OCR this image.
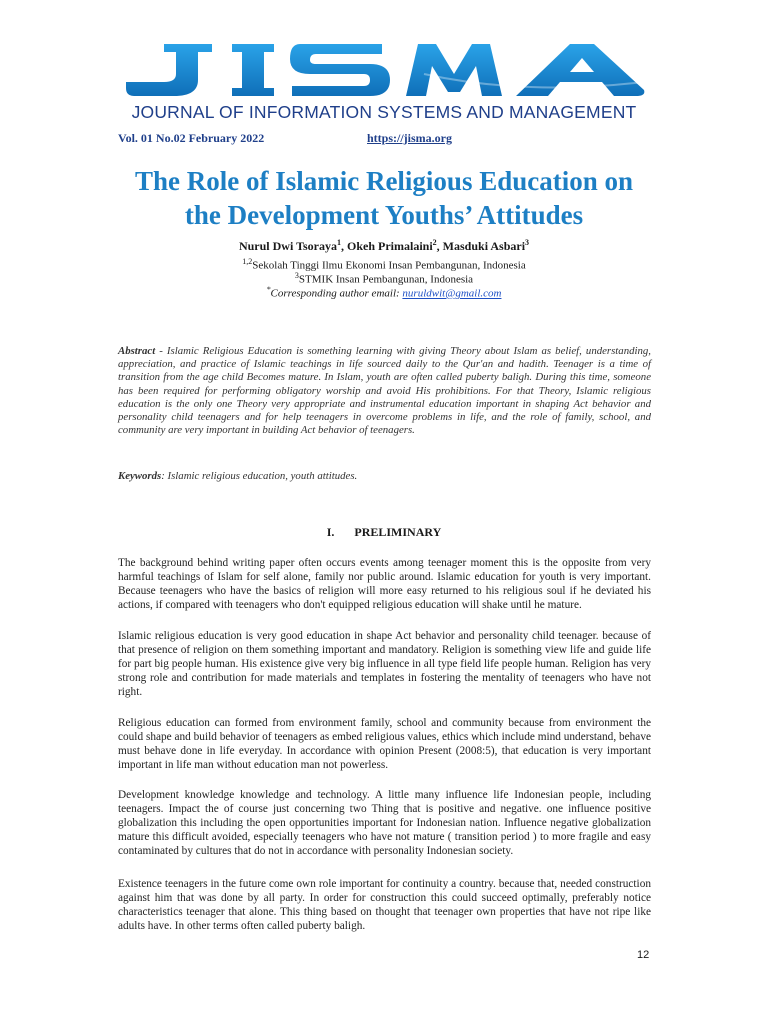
JOURNAL OF INFORMATION SYSTEMS AND MANAGEMENT
Vol. 01 No.02 February 2022	https://jisma.org
The Role of Islamic Religious Education on
the Development Youths’ Attitudes
Nurul Dwi Tsoraya$^1$, Okeh Primalaini$^2$, Masduki Asbari$^3$
$^{1,2}$Sekolah Tinggi Ilmu Ekonomi Insan Pembangunan, Indonesia
$^3$STMIK Insan Pembangunan, Indonesia
*Corresponding author email: nuruldwit@gmail.com
Abstract - Islamic Religious Education is something learning with giving Theory about Islam as belief, understanding, appreciation, and practice of Islamic teachings in life sourced daily to the Qur'an and hadith. Teenager is a time of transition from the age child Becomes mature. In Islam, youth are often called puberty baligh. During this time, someone has been required for performing obligatory worship and avoid His prohibitions. For that Theory, Islamic religious education is the only one Theory very appropriate and instrumental education important in shaping Act behavior and personality child teenagers and for help teenagers in overcome problems in life, and the role of family, school, and community are very important in building Act behavior of teenagers.
Keywords: Islamic religious education, youth attitudes.
I. PRELIMINARY
The background behind writing paper often occurs events among teenager moment this is the opposite from very harmful teachings of Islam for self alone, family nor public around. Islamic education for youth is very important. Because teenagers who have the basics of religion will more easy returned to his religious soul if he deviated his actions, if compared with teenagers who don't equipped religious education will shake until he mature.
Islamic religious education is very good education in shape Act behavior and personality child teenager. because of that presence of religion on them something important and mandatory. Religion is something view life and guide life for part big people human. His existence give very big influence in all type field life people human. Religion has very strong role and contribution for made materials and templates in fostering the mentality of teenagers who have not right.
Religious education can formed from environment family, school and community because from environment the could shape and build behavior of teenagers as embed religious values, ethics which include mind understand, behave must behave done in life everyday. In accordance with opinion Present (2008:5), that education is very important important in life man without education man not powerless.
Development knowledge knowledge and technology. A little many influence life Indonesian people, including teenagers. Impact the of course just concerning two Thing that is positive and negative. one influence positive globalization this including the open opportunities important for Indonesian nation. Influence negative globalization mature this difficult avoided, especially teenagers who have not mature ( transition period ) to more fragile and easy contaminated by cultures that do not in accordance with personality Indonesian society.
Existence teenagers in the future come own role important for continuity a country. because that, needed construction against him that was done by all party. In order for construction this could succeed optimally, preferably notice characteristics teenager that alone. This thing based on thought that teenager own properties that have not ripe like adults have. In other terms often called puberty baligh.
12
